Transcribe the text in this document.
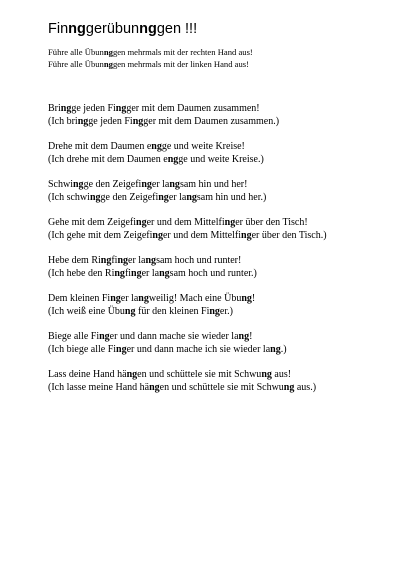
Finnggerübunnggen !!!
Führe alle Übunnggen mehrmals mit der rechten Hand aus!
Führe alle Übunnggen mehrmals mit der linken Hand aus!
Bringge jeden Fingger mit dem Daumen zusammen!
(Ich bringge jeden Fingger mit dem Daumen zusammen.)
Drehe mit dem Daumen engge und weite Kreise!
(Ich drehe mit dem Daumen engge und weite Kreise.)
Schwingge den Zeigefinger langsam hin und her!
(Ich schwingge den Zeigefinger langsam hin und her.)
Gehe mit dem Zeigefinger und dem Mittelfinger über den Tisch!
(Ich gehe mit dem Zeigefinger und dem Mittelfinger über den Tisch.)
Hebe dem Ringfinger langsam hoch und runter!
(Ich hebe den Ringfinger langsam hoch und runter.)
Dem kleinen Finger langweilig! Mach eine Übung!
(Ich weiß eine Übung für den kleinen Finger.)
Biege alle Finger und dann mache sie wieder lang!
(Ich biege alle Finger und dann mache ich sie wieder lang.)
Lass deine Hand hängen und schüttele sie mit Schwung aus!
(Ich lasse meine Hand hängen und schüttele sie mit Schwung aus.)
